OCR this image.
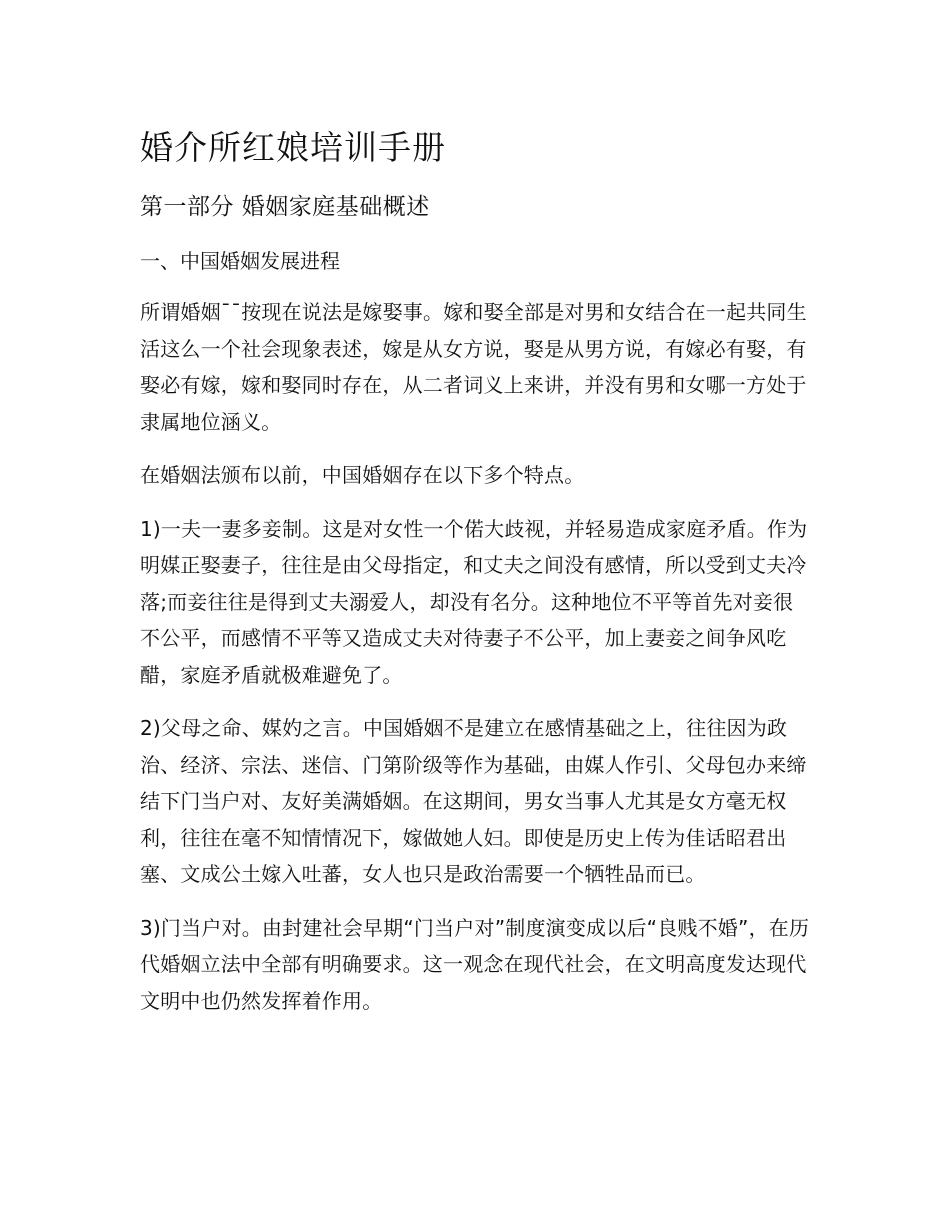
婚介所红娘培训手册
第一部分 婚姻家庭基础概述
一、中国婚姻发展进程

所谓婚姻¯¯按现在说法是嫁娶事。嫁和娶全部是对男和女结合在一起共同生活这么一个社会现象表述，嫁是从女方说，娶是从男方说，有嫁必有娶，有娶必有嫁，嫁和娶同时存在，从二者词义上来讲，并没有男和女哪一方处于隶属地位涵义。

在婚姻法颁布以前，中国婚姻存在以下多个特点。

1)一夫一妻多妾制。这是对女性一个偌大歧视，并轻易造成家庭矛盾。作为明媒正娶妻子，往往是由父母指定，和丈夫之间没有感情，所以受到丈夫冷落;而妾往往是得到丈夫溺爱人，却没有名分。这种地位不平等首先对妾很不公平，而感情不平等又造成丈夫对待妻子不公平，加上妻妾之间争风吃醋，家庭矛盾就极难避免了。

2)父母之命、媒妁之言。中国婚姻不是建立在感情基础之上，往往因为政治、经济、宗法、迷信、门第阶级等作为基础，由媒人作引、父母包办来缔结下门当户对、友好美满婚姻。在这期间，男女当事人尤其是女方毫无权利，往往在毫不知情情况下，嫁做她人妇。即使是历史上传为佳话昭君出塞、文成公土嫁入吐蕃，女人也只是政治需要一个牺牲品而已。

3)门当户对。由封建社会早期“门当户对”制度演变成以后“良贱不婚”，在历代婚姻立法中全部有明确要求。这一观念在现代社会，在文明高度发达现代文明中也仍然发挥着作用。
